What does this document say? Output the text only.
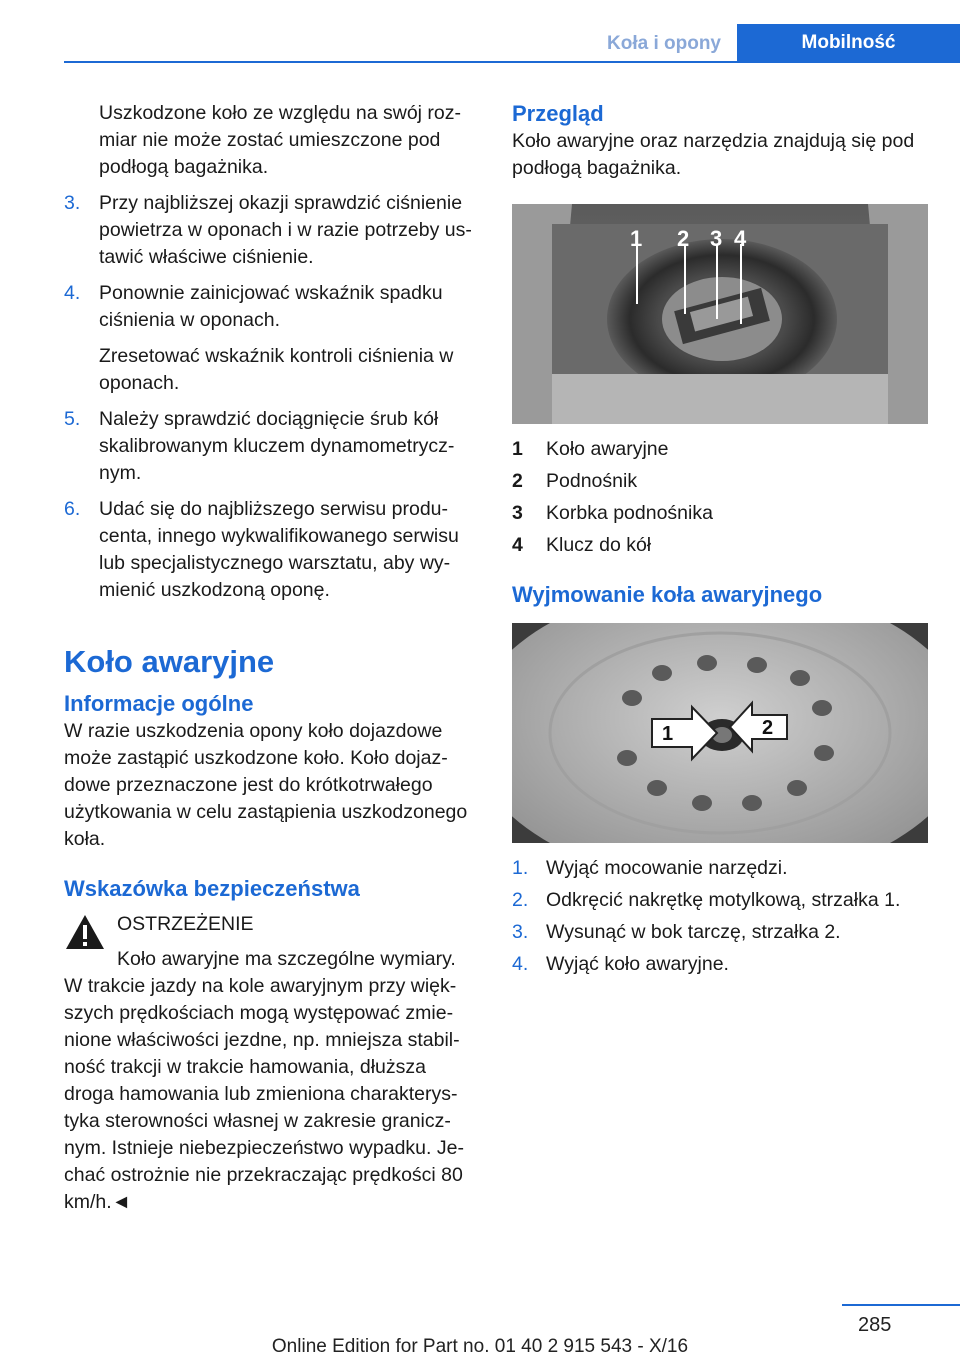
Koła i opony	Mobilność
Uszkodzone koło ze względu na swój roz-miar nie może zostać umieszczone pod podłogą bagażnika.
3. Przy najbliższej okazji sprawdzić ciśnienie powietrza w oponach i w razie potrzeby us-tawić właściwe ciśnienie.
4. Ponownie zainicjować wskaźnik spadku ciśnienia w oponach.
Zresetować wskaźnik kontroli ciśnienia w oponach.
5. Należy sprawdzić dociągnięcie śrub kół skalibrowanym kluczem dynamometrycz-nym.
6. Udać się do najbliższego serwisu produ-centa, innego wykwalifikowanego serwisu lub specjalistycznego warsztatu, aby wy-mienić uszkodzoną oponę.
Koło awaryjne
Informacje ogólne
W razie uszkodzenia opony koło dojazdowe może zastąpić uszkodzone koło. Koło dojaz-dowe przeznaczone jest do krótkotrwałego użytkowania w celu zastąpienia uszkodzonego koła.
Wskazówka bezpieczeństwa
OSTRZEŻENIE
Koło awaryjne ma szczególne wymiary.
W trakcie jazdy na kole awaryjnym przy więk-szych prędkościach mogą występować zmie-nione właściwości jezdne, np. mniejsza stabil-ność trakcji w trakcie hamowania, dłuższa droga hamowania lub zmieniona charakterys-tyka sterowności własnej w zakresie granicz-nym. Istnieje niebezpieczeństwo wypadku. Je-chać ostrożnie nie przekraczając prędkości 80 km/h.◄
Przegląd
Koło awaryjne oraz narzędzia znajdują się pod podłogą bagażnika.
1 2 3 4
1	Koło awaryjne
2	Podnośnik
3	Korbka podnośnika
4	Klucz do kół
Wyjmowanie koła awaryjnego
1	2
1. Wyjąć mocowanie narzędzi.
2. Odkręcić nakrętkę motylkową, strzałka 1.
3. Wysunąć w bok tarczę, strzałka 2.
4. Wyjąć koło awaryjne.
285
Online Edition for Part no. 01 40 2 915 543 - X/16
